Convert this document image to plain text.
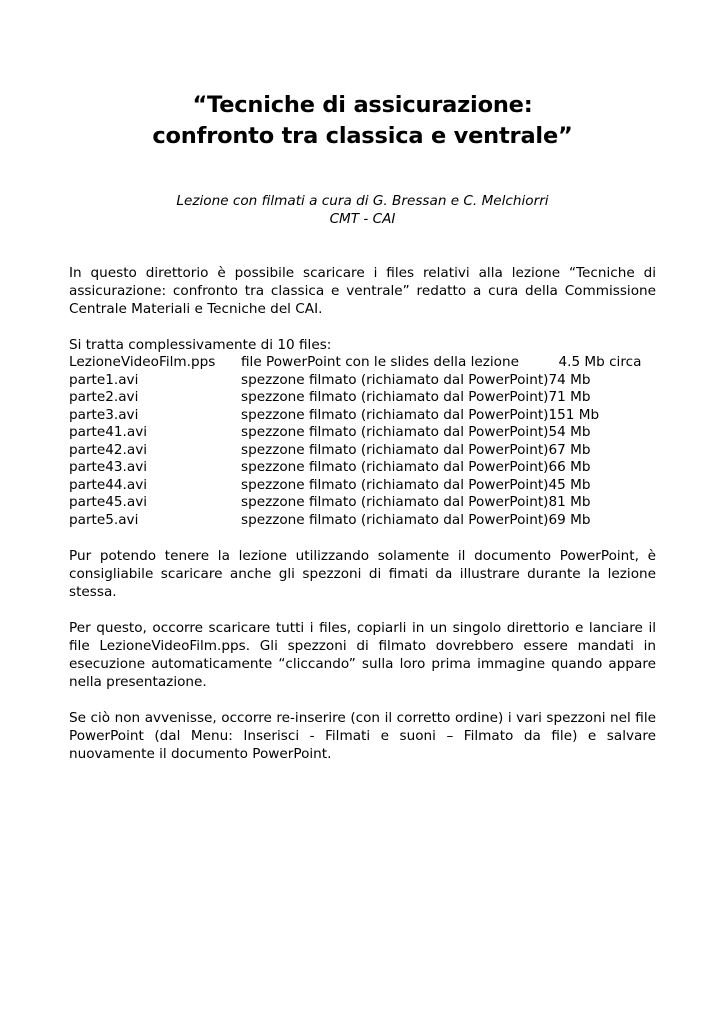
“Tecniche di assicurazione:
confronto tra classica e ventrale”

Lezione con filmati a cura di G. Bressan e C. Melchiorri
CMT - CAI

In questo direttorio è possibile scaricare i files relativi alla lezione “Tecniche di assicurazione: confronto tra classica e ventrale” redatto a cura della Commissione Centrale Materiali e Tecniche del CAI.

Si tratta complessivamente di 10 files:

LezioneVideoFilm.pps	file PowerPoint con le slides della lezione	4.5 Mb circa
parte1.avi	spezzone filmato (richiamato dal PowerPoint)	74 Mb
parte2.avi	spezzone filmato (richiamato dal PowerPoint)	71 Mb
parte3.avi	spezzone filmato (richiamato dal PowerPoint)	151 Mb
parte41.avi	spezzone filmato (richiamato dal PowerPoint)	54 Mb
parte42.avi	spezzone filmato (richiamato dal PowerPoint)	67 Mb
parte43.avi	spezzone filmato (richiamato dal PowerPoint)	66 Mb
parte44.avi	spezzone filmato (richiamato dal PowerPoint)	45 Mb
parte45.avi	spezzone filmato (richiamato dal PowerPoint)	81 Mb
parte5.avi	spezzone filmato (richiamato dal PowerPoint)	69 Mb

Pur potendo tenere la lezione utilizzando solamente il documento PowerPoint, è consigliabile scaricare anche gli spezzoni di fimati da illustrare durante la lezione stessa.

Per questo, occorre scaricare tutti i files, copiarli in un singolo direttorio e lanciare il file LezioneVideoFilm.pps. Gli spezzoni di filmato dovrebbero essere mandati in esecuzione automaticamente “cliccando” sulla loro prima immagine quando appare nella presentazione.

Se ciò non avvenisse, occorre re-inserire (con il corretto ordine) i vari spezzoni nel file PowerPoint (dal Menu: Inserisci - Filmati e suoni – Filmato da file) e salvare nuovamente il documento PowerPoint.
